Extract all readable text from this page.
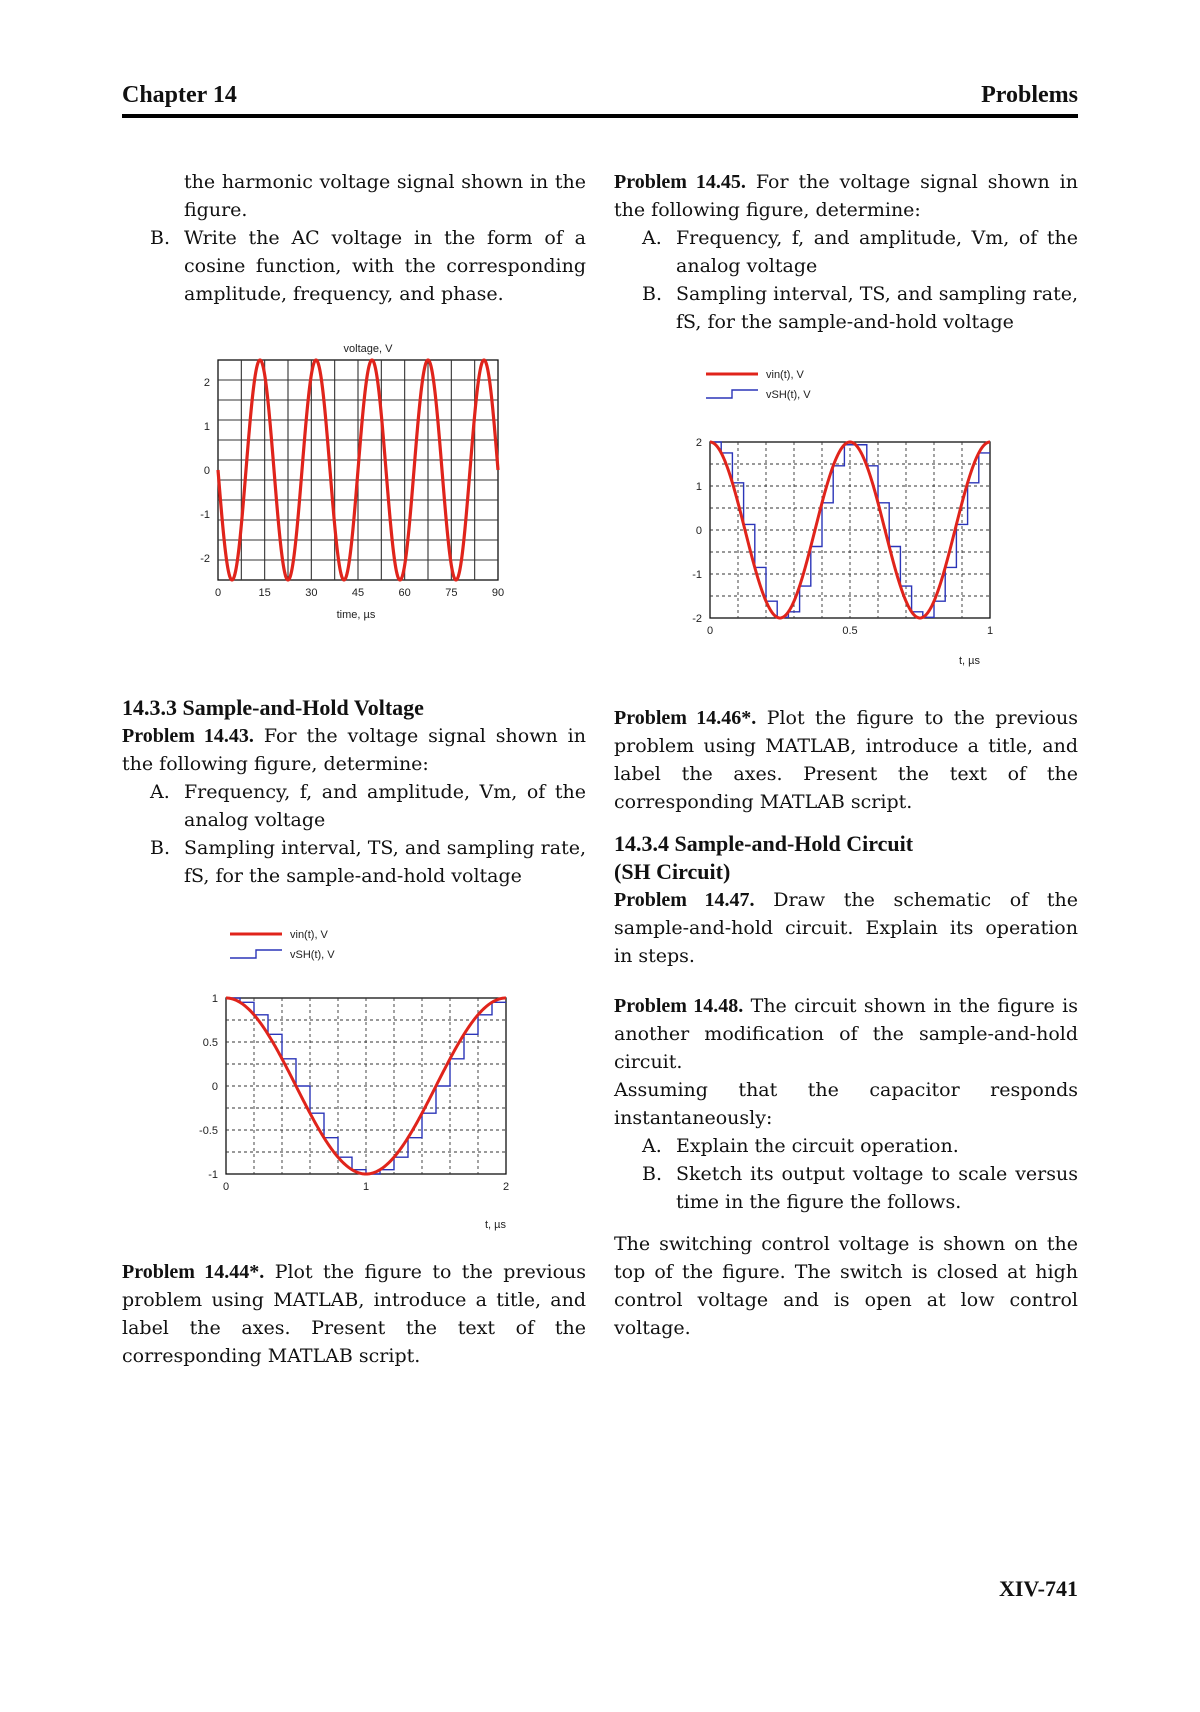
Chapter 14	Problems

the harmonic voltage signal shown in the figure.

B. Write the AC voltage in the form of a cosine function, with the corresponding amplitude, frequency, and phase.

voltage, V
0	15	30	45	60	75	90
2
1
0
-1
-2
time, µs
14.3.3 Sample-and-Hold Voltage

Problem 14.43. For the voltage signal shown in the following figure, determine:

A. Frequency, f, and amplitude, Vm, of the analog voltage

B. Sampling interval, TS, and sampling rate, fS, for the sample-and-hold voltage

vin(t), V
vSH(t), V
0	1	2
1
0.5
0
-0.5
-1
t, µs

Problem 14.44*. Plot the figure to the previous problem using MATLAB, introduce a title, and label the axes. Present the text of the corresponding MATLAB script.

Problem 14.45. For the voltage signal shown in the following figure, determine:

A. Frequency, f, and amplitude, Vm, of the analog voltage

B. Sampling interval, TS, and sampling rate, fS, for the sample-and-hold voltage

vin(t), V
vSH(t), V
0	0.5	1
2
1
0
-1
-2
t, µs

Problem 14.46*. Plot the figure to the previous problem using MATLAB, introduce a title, and label the axes. Present the text of the corresponding MATLAB script.

14.3.4 Sample-and-Hold Circuit
(SH Circuit)

Problem 14.47. Draw the schematic of the sample-and-hold circuit. Explain its operation in steps.

Problem 14.48. The circuit shown in the figure is another modification of the sample-and-hold circuit.

Assuming that the capacitor responds instantaneously:

A. Explain the circuit operation.

B. Sketch its output voltage to scale versus time in the figure the follows.

The switching control voltage is shown on the top of the figure. The switch is closed at high control voltage and is open at low control voltage.

XIV-741
